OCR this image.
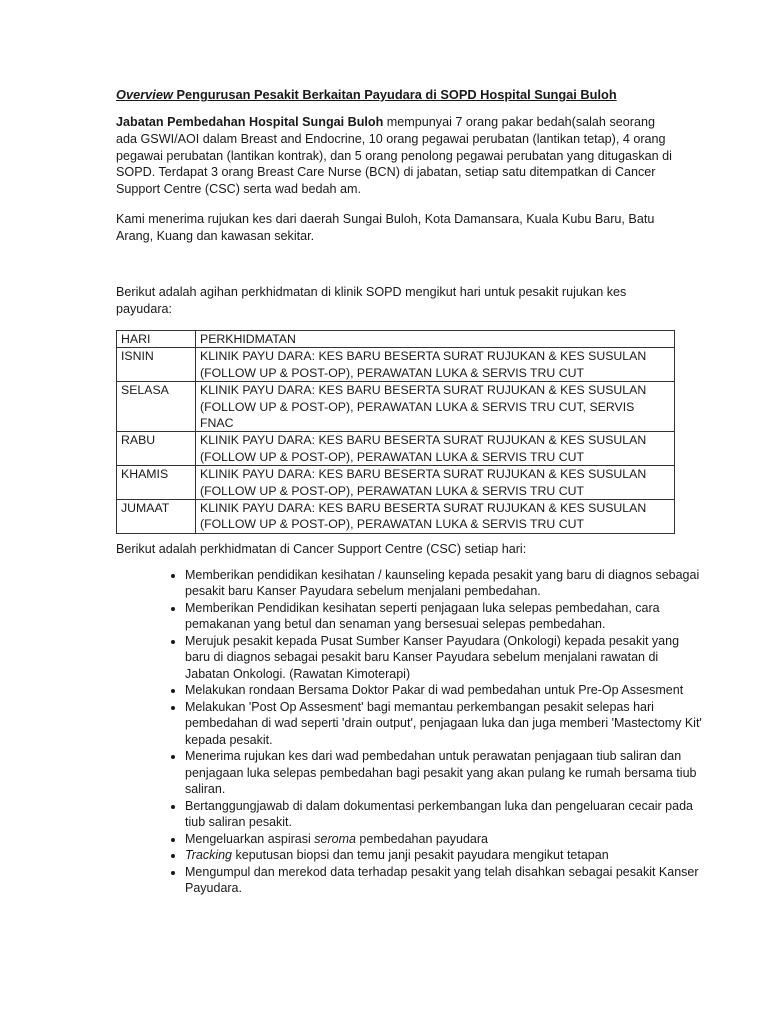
Overview Pengurusan Pesakit Berkaitan Payudara di SOPD Hospital Sungai Buloh
Jabatan Pembedahan Hospital Sungai Buloh mempunyai 7 orang pakar bedah(salah seorang ada GSWI/AOI dalam Breast and Endocrine, 10 orang pegawai perubatan (lantikan tetap), 4 orang pegawai perubatan (lantikan kontrak), dan 5 orang penolong pegawai perubatan yang ditugaskan di SOPD. Terdapat 3 orang Breast Care Nurse (BCN) di jabatan, setiap satu ditempatkan di Cancer Support Centre (CSC) serta wad bedah am.
Kami menerima rujukan kes dari daerah Sungai Buloh, Kota Damansara, Kuala Kubu Baru, Batu Arang, Kuang dan kawasan sekitar.
Berikut adalah agihan perkhidmatan di klinik SOPD mengikut hari untuk pesakit rujukan kes payudara:
HARI	PERKHIDMATAN
ISNIN	KLINIK PAYU DARA: KES BARU BESERTA SURAT RUJUKAN & KES SUSULAN (FOLLOW UP & POST-OP), PERAWATAN LUKA & SERVIS TRU CUT
SELASA	KLINIK PAYU DARA: KES BARU BESERTA SURAT RUJUKAN & KES SUSULAN (FOLLOW UP & POST-OP), PERAWATAN LUKA & SERVIS TRU CUT, SERVIS FNAC
RABU	KLINIK PAYU DARA: KES BARU BESERTA SURAT RUJUKAN & KES SUSULAN (FOLLOW UP & POST-OP), PERAWATAN LUKA & SERVIS TRU CUT
KHAMIS	KLINIK PAYU DARA: KES BARU BESERTA SURAT RUJUKAN & KES SUSULAN (FOLLOW UP & POST-OP), PERAWATAN LUKA & SERVIS TRU CUT
JUMAAT	KLINIK PAYU DARA: KES BARU BESERTA SURAT RUJUKAN & KES SUSULAN (FOLLOW UP & POST-OP), PERAWATAN LUKA & SERVIS TRU CUT
Berikut adalah perkhidmatan di Cancer Support Centre (CSC) setiap hari:
• Memberikan pendidikan kesihatan / kaunseling kepada pesakit yang baru di diagnos sebagai pesakit baru Kanser Payudara sebelum menjalani pembedahan.
• Memberikan Pendidikan kesihatan seperti penjagaan luka selepas pembedahan, cara pemakanan yang betul dan senaman yang bersesuai selepas pembedahan.
• Merujuk pesakit kepada Pusat Sumber Kanser Payudara (Onkologi) kepada pesakit yang baru di diagnos sebagai pesakit baru Kanser Payudara sebelum menjalani rawatan di Jabatan Onkologi. (Rawatan Kimoterapi)
• Melakukan rondaan Bersama Doktor Pakar di wad pembedahan untuk Pre-Op Assesment
• Melakukan 'Post Op Assesment' bagi memantau perkembangan pesakit selepas hari pembedahan di wad seperti 'drain output', penjagaan luka dan juga memberi 'Mastectomy Kit' kepada pesakit.
• Menerima rujukan kes dari wad pembedahan untuk perawatan penjagaan tiub saliran dan penjagaan luka selepas pembedahan bagi pesakit yang akan pulang ke rumah bersama tiub saliran.
• Bertanggungjawab di dalam dokumentasi perkembangan luka dan pengeluaran cecair pada tiub saliran pesakit.
• Mengeluarkan aspirasi seroma pembedahan payudara
• Tracking keputusan biopsi dan temu janji pesakit payudara mengikut tetapan
• Mengumpul dan merekod data terhadap pesakit yang telah disahkan sebagai pesakit Kanser Payudara.
